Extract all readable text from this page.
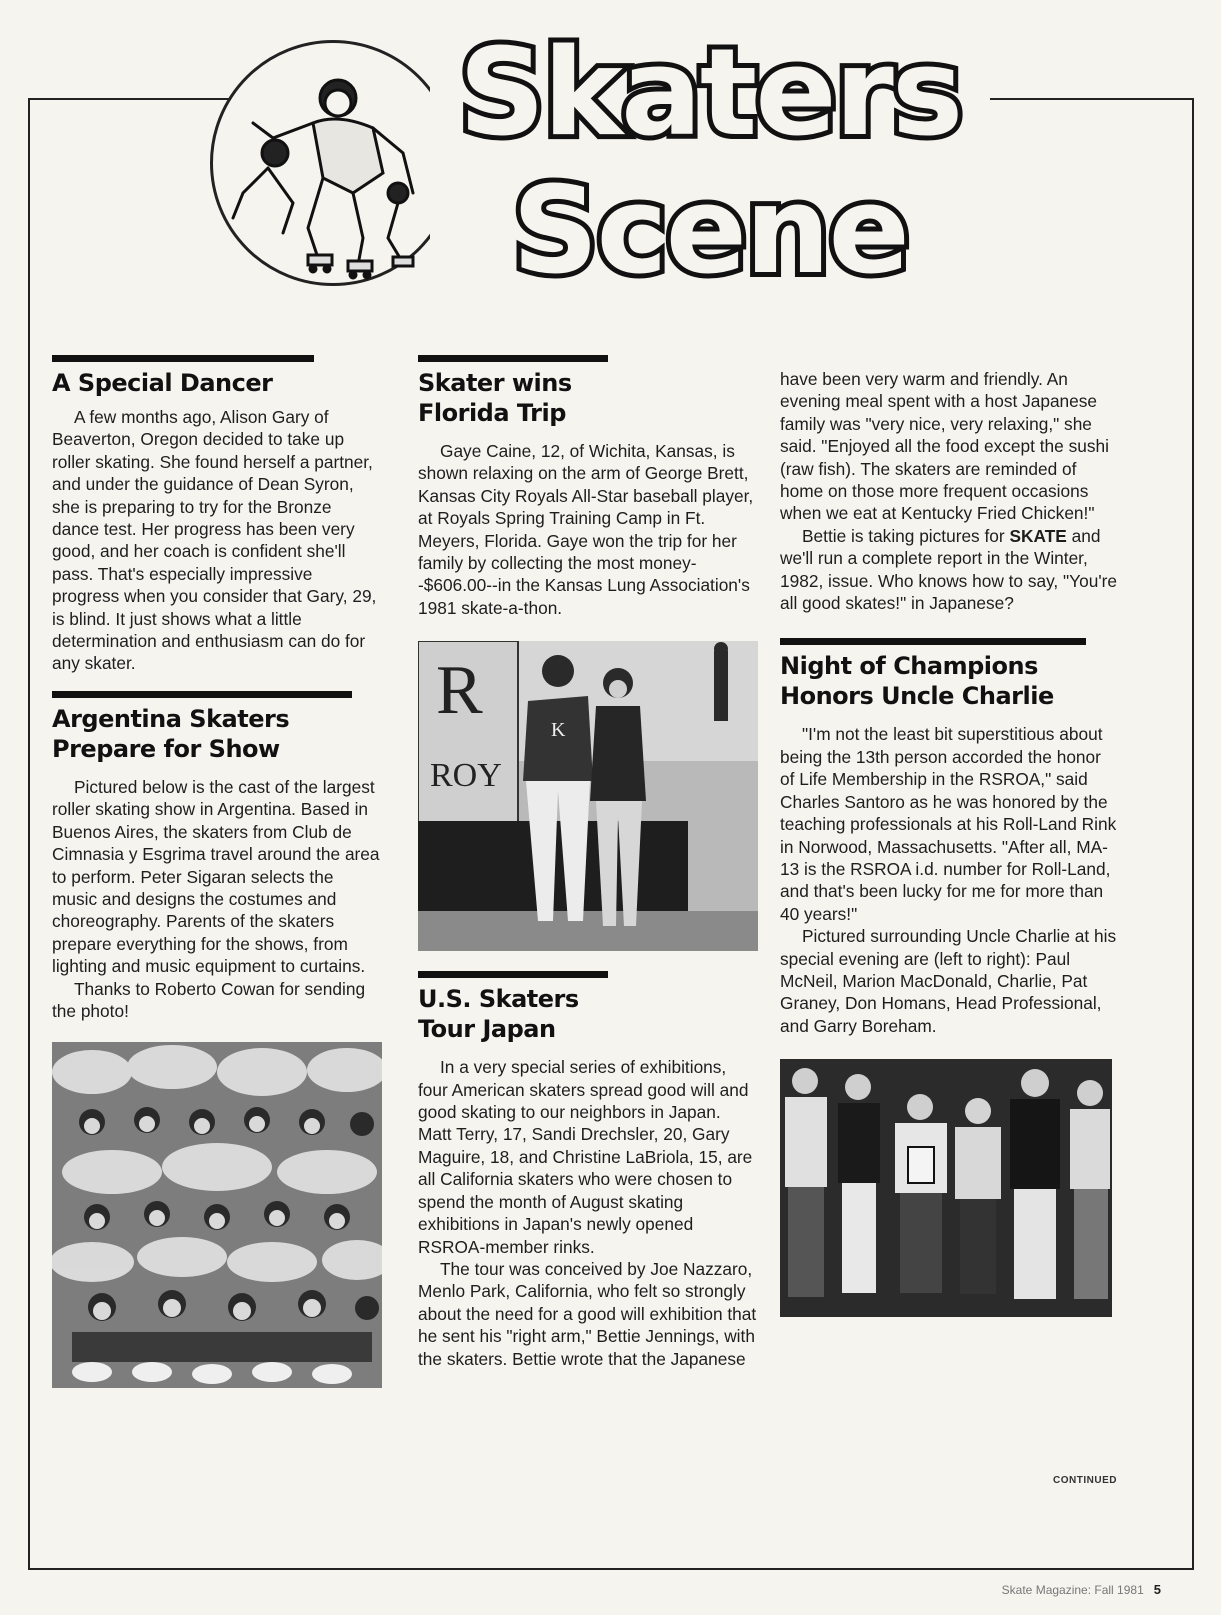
Skaters
Scene
A Special Dancer

A few months ago, Alison Gary of Beaverton, Oregon decided to take up roller skating. She found herself a partner, and under the guidance of Dean Syron, she is preparing to try for the Bronze dance test. Her progress has been very good, and her coach is confident she'll pass. That's especially impressive progress when you consider that Gary, 29, is blind. It just shows what a little determination and enthusiasm can do for any skater.

Argentina Skaters
Prepare for Show

Pictured below is the cast of the largest roller skating show in Argentina. Based in Buenos Aires, the skaters from Club de Cimnasia y Esgrima travel around the area to perform. Peter Sigaran selects the music and designs the costumes and choreography. Parents of the skaters prepare everything for the shows, from lighting and music equipment to curtains.

Thanks to Roberto Cowan for sending the photo!

Skater wins
Florida Trip

Gaye Caine, 12, of Wichita, Kansas, is shown relaxing on the arm of George Brett, Kansas City Royals All-Star baseball player, at Royals Spring Training Camp in Ft. Meyers, Florida. Gaye won the trip for her family by collecting the most money--$606.00--in the Kansas Lung Association's 1981 skate-a-thon.

R
ROY
K
U.S. Skaters
Tour Japan

In a very special series of exhibitions, four American skaters spread good will and good skating to our neighbors in Japan. Matt Terry, 17, Sandi Drechsler, 20, Gary Maguire, 18, and Christine LaBriola, 15, are all California skaters who were chosen to spend the month of August skating exhibitions in Japan's newly opened RSROA-member rinks.

The tour was conceived by Joe Nazzaro, Menlo Park, California, who felt so strongly about the need for a good will exhibition that he sent his "right arm," Bettie Jennings, with the skaters. Bettie wrote that the Japanese

have been very warm and friendly. An evening meal spent with a host Japanese family was "very nice, very relaxing," she said. "Enjoyed all the food except the sushi (raw fish). The skaters are reminded of home on those more frequent occasions when we eat at Kentucky Fried Chicken!"

Bettie is taking pictures for SKATE and we'll run a complete report in the Winter, 1982, issue. Who knows how to say, "You're all good skates!" in Japanese?

Night of Champions
Honors Uncle Charlie

"I'm not the least bit superstitious about being the 13th person accorded the honor of Life Membership in the RSROA," said Charles Santoro as he was honored by the teaching professionals at his Roll-Land Rink in Norwood, Massachusetts. "After all, MA-13 is the RSROA i.d. number for Roll-Land, and that's been lucky for me for more than 40 years!"

Pictured surrounding Uncle Charlie at his special evening are (left to right): Paul McNeil, Marion MacDonald, Charlie, Pat Graney, Don Homans, Head Professional, and Garry Boreham.

CONTINUED
Skate Magazine: Fall 1981 5
